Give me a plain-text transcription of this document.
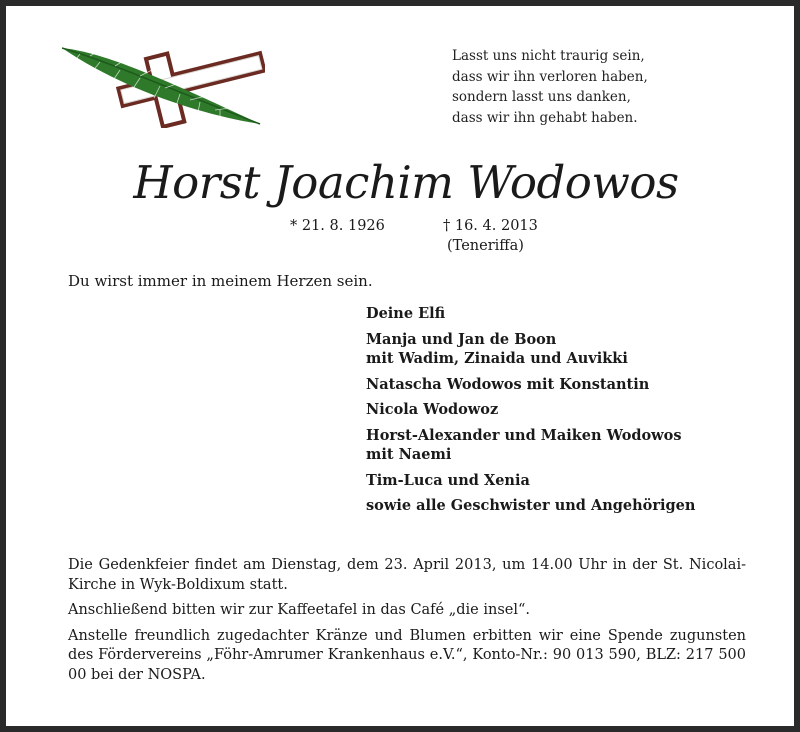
Lasst uns nicht traurig sein,
dass wir ihn verloren haben,
sondern lasst uns danken,
dass wir ihn gehabt haben.
Horst Joachim Wodowos
* 21. 8. 1926	† 16. 4. 2013
(Teneriffa)
Du wirst immer in meinem Herzen sein.
Deine Elfi
Manja und Jan de Boon
mit Wadim, Zinaida und Auvikki
Natascha Wodowos mit Konstantin
Nicola Wodowoz
Horst-Alexander und Maiken Wodowos
mit Naemi
Tim-Luca und Xenia
sowie alle Geschwister und Angehörigen

Die Gedenkfeier findet am Dienstag, dem 23. April 2013, um 14.00 Uhr in der St. Nicolai-Kirche in Wyk-Boldixum statt.

Anschließend bitten wir zur Kaffeetafel in das Café „die insel“.

Anstelle freundlich zugedachter Kränze und Blumen erbitten wir eine Spende zugunsten des Fördervereins „Föhr-Amrumer Krankenhaus e.V.“, Konto-Nr.: 90 013 590, BLZ: 217 500 00 bei der NOSPA.
